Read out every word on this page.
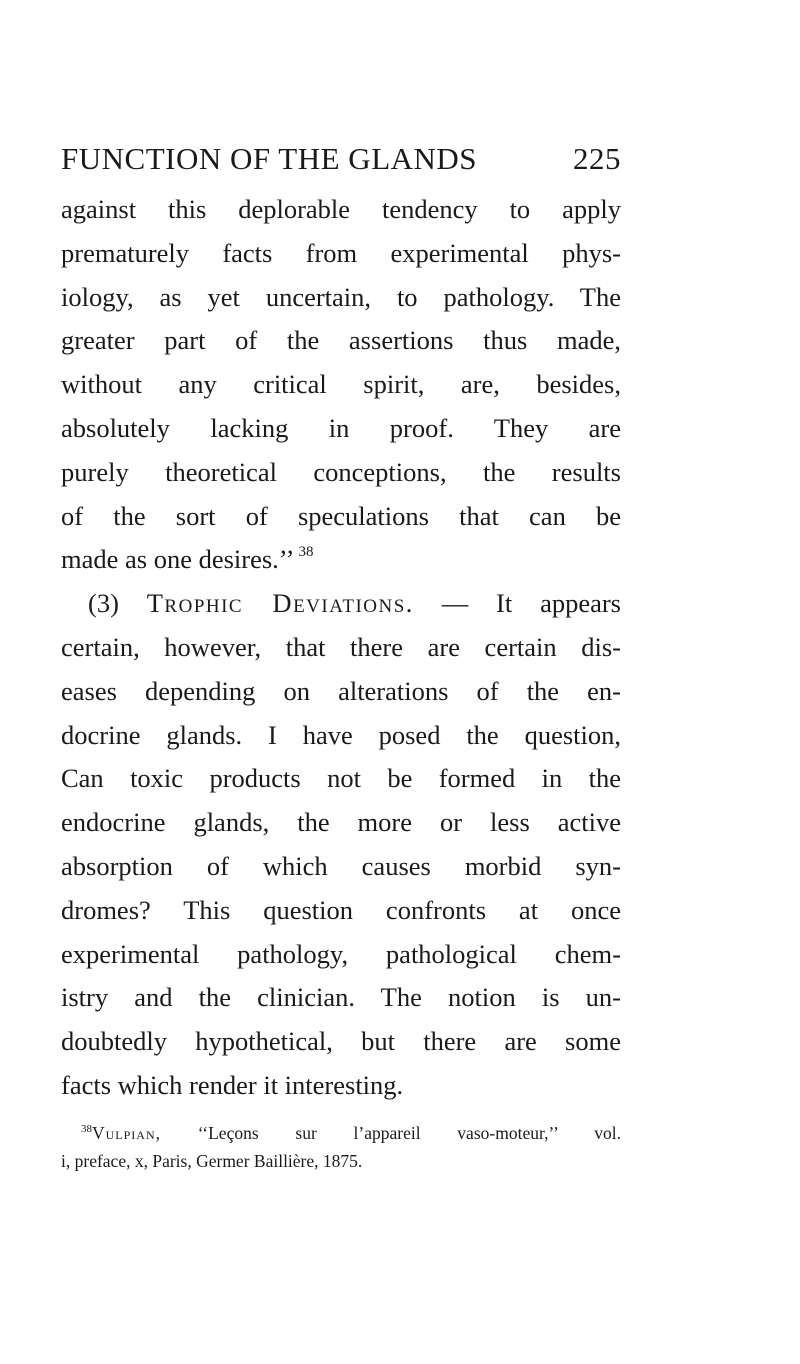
FUNCTION OF THE GLANDS	225
against this deplorable tendency to apply
prematurely facts from experimental phys-
iology, as yet uncertain, to pathology. The
greater part of the assertions thus made,
without any critical spirit, are, besides,
absolutely lacking in proof. They are
purely theoretical conceptions, the results
of the sort of speculations that can be
made as one desires.’’ $^{38}$
(3) Trophic Deviations. — It appears
certain, however, that there are certain dis-
eases depending on alterations of the en-
docrine glands. I have posed the question,
Can toxic products not be formed in the
endocrine glands, the more or less active
absorption of which causes morbid syn-
dromes? This question confronts at once
experimental pathology, pathological chem-
istry and the clinician. The notion is un-
doubtedly hypothetical, but there are some
facts which render it interesting.
$^{38}$Vulpian, ‘‘Leçons sur l’appareil vaso-moteur,’’ vol.
i, preface, x, Paris, Germer Baillière, 1875.
